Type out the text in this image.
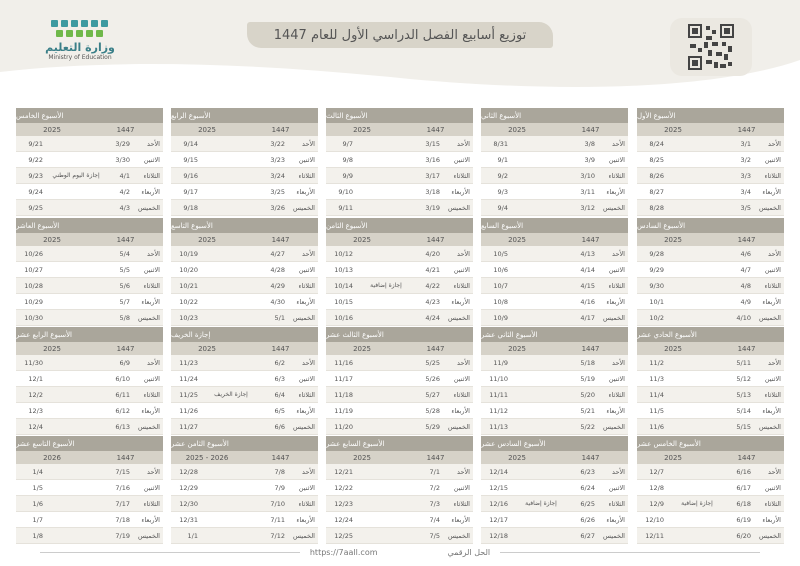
وزارة التعليم
Ministry of Education
توزيع أسابيع الفصل الدراسي الأول للعام 1447
الأسبوع الأول
2025	1447
8/24	3/1	الأحد
8/25	3/2	الاثنين
8/26	3/3	الثلاثاء
8/27	3/4	الأربعاء
8/28	3/5	الخميس
الأسبوع الثاني
2025	1447
8/31	3/8	الأحد
9/1	3/9	الاثنين
9/2	3/10	الثلاثاء
9/3	3/11	الأربعاء
9/4	3/12	الخميس
الأسبوع الثالث
2025	1447
9/7	3/15	الأحد
9/8	3/16	الاثنين
9/9	3/17	الثلاثاء
9/10	3/18	الأربعاء
9/11	3/19	الخميس
الأسبوع الرابع
2025	1447
9/14	3/22	الأحد
9/15	3/23	الاثنين
9/16	3/24	الثلاثاء
9/17	3/25	الأربعاء
9/18	3/26	الخميس
الأسبوع الخامس
2025	1447
9/21	3/29	الأحد
9/22	3/30	الاثنين
9/23	إجازة اليوم الوطني	4/1	الثلاثاء
9/24	4/2	الأربعاء
9/25	4/3	الخميس
الأسبوع السادس
2025	1447
9/28	4/6	الأحد
9/29	4/7	الاثنين
9/30	4/8	الثلاثاء
10/1	4/9	الأربعاء
10/2	4/10	الخميس
الأسبوع السابع
2025	1447
10/5	4/13	الأحد
10/6	4/14	الاثنين
10/7	4/15	الثلاثاء
10/8	4/16	الأربعاء
10/9	4/17	الخميس
الأسبوع الثامن
2025	1447
10/12	4/20	الأحد
10/13	4/21	الاثنين
10/14	إجازة إضافية	4/22	الثلاثاء
10/15	4/23	الأربعاء
10/16	4/24	الخميس
الأسبوع التاسع
2025	1447
10/19	4/27	الأحد
10/20	4/28	الاثنين
10/21	4/29	الثلاثاء
10/22	4/30	الأربعاء
10/23	5/1	الخميس
الأسبوع العاشر
2025	1447
10/26	5/4	الأحد
10/27	5/5	الاثنين
10/28	5/6	الثلاثاء
10/29	5/7	الأربعاء
10/30	5/8	الخميس
الأسبوع الحادي عشر
2025	1447
11/2	5/11	الأحد
11/3	5/12	الاثنين
11/4	5/13	الثلاثاء
11/5	5/14	الأربعاء
11/6	5/15	الخميس
الأسبوع الثاني عشر
2025	1447
11/9	5/18	الأحد
11/10	5/19	الاثنين
11/11	5/20	الثلاثاء
11/12	5/21	الأربعاء
11/13	5/22	الخميس
الأسبوع الثالث عشر
2025	1447
11/16	5/25	الأحد
11/17	5/26	الاثنين
11/18	5/27	الثلاثاء
11/19	5/28	الأربعاء
11/20	5/29	الخميس
إجازة الخريف
2025	1447
11/23	6/2	الأحد
11/24	6/3	الاثنين
11/25	إجازة الخريف	6/4	الثلاثاء
11/26	6/5	الأربعاء
11/27	6/6	الخميس
الأسبوع الرابع عشر
2025	1447
11/30	6/9	الأحد
12/1	6/10	الاثنين
12/2	6/11	الثلاثاء
12/3	6/12	الأربعاء
12/4	6/13	الخميس
الأسبوع الخامس عشر
2025	1447
12/7	6/16	الأحد
12/8	6/17	الاثنين
12/9	إجازة إضافية	6/18	الثلاثاء
12/10	6/19	الأربعاء
12/11	6/20	الخميس
الأسبوع السادس عشر
2025	1447
12/14	6/23	الأحد
12/15	6/24	الاثنين
12/16	إجازة إضافية	6/25	الثلاثاء
12/17	6/26	الأربعاء
12/18	6/27	الخميس
الأسبوع السابع عشر
2025	1447
12/21	7/1	الأحد
12/22	7/2	الاثنين
12/23	7/3	الثلاثاء
12/24	7/4	الأربعاء
12/25	7/5	الخميس
الأسبوع الثامن عشر
2025 - 2026	1447
12/28	7/8	الأحد
12/29	7/9	الاثنين
12/30	7/10	الثلاثاء
12/31	7/11	الأربعاء
1/1	7/12	الخميس
الأسبوع التاسع عشر
2026	1447
1/4	7/15	الأحد
1/5	7/16	الاثنين
1/6	7/17	الثلاثاء
1/7	7/18	الأربعاء
1/8	7/19	الخميس
https://7aall.com	الحل الرقمي
